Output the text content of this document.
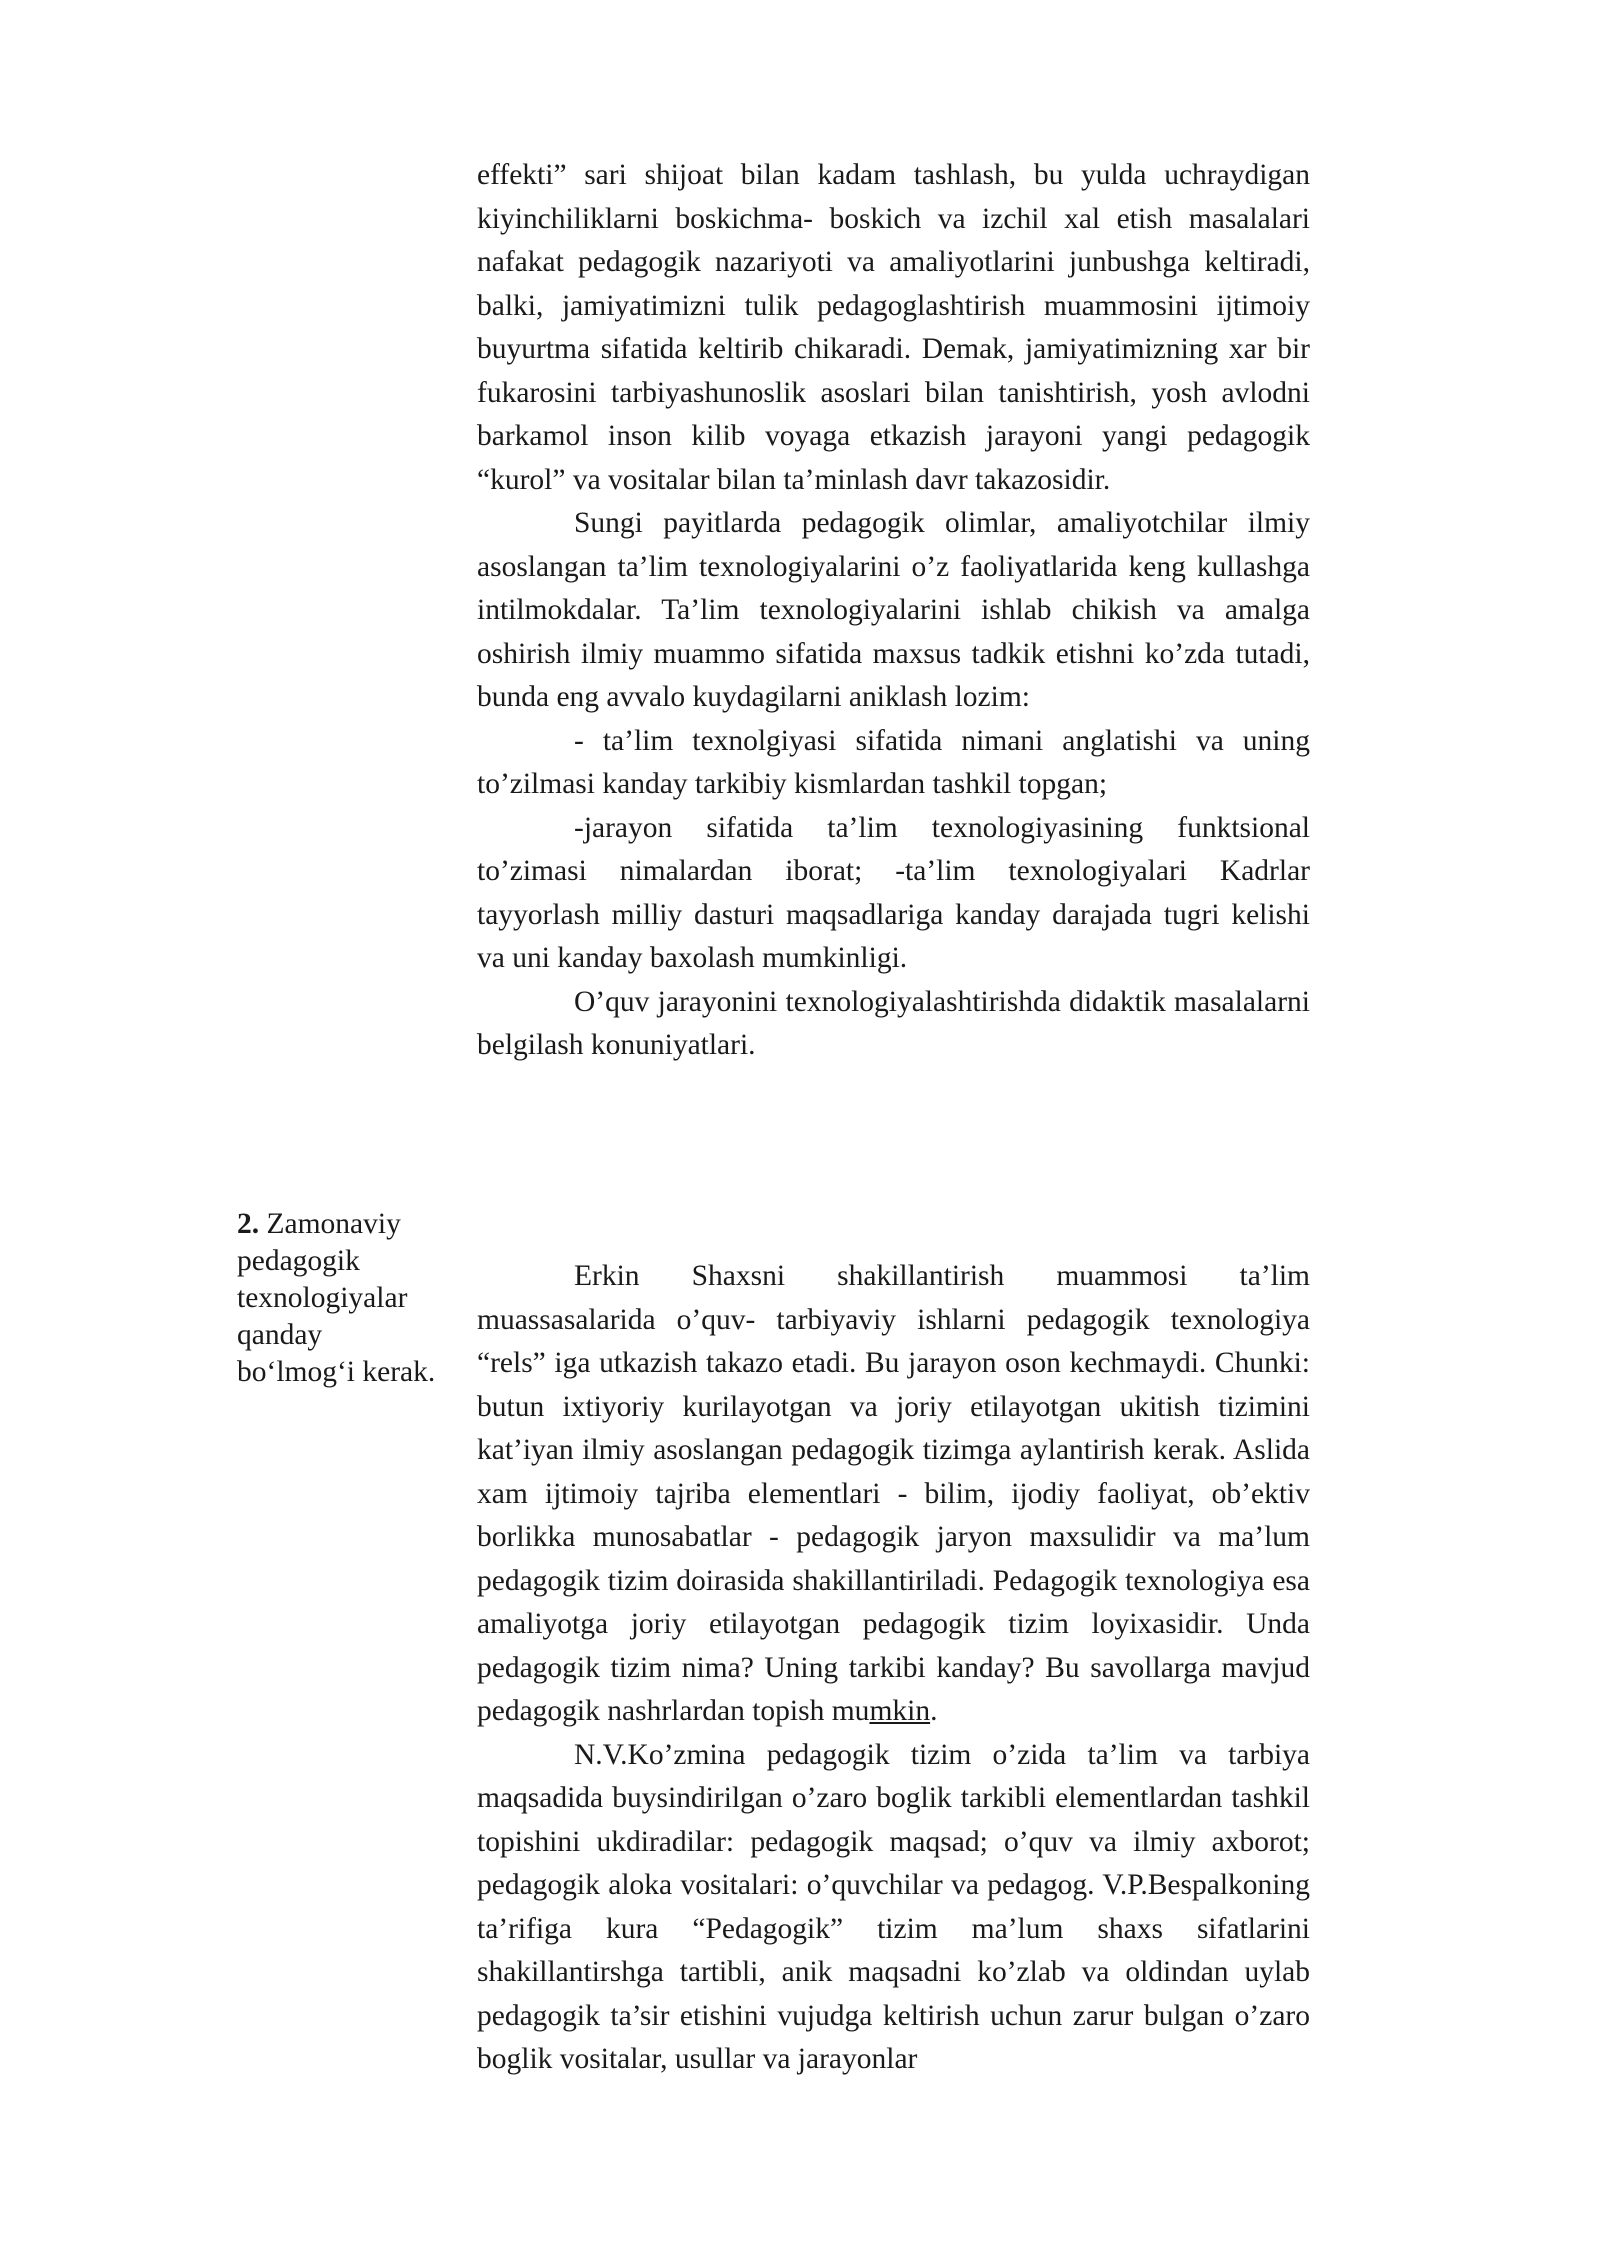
effekti” sari shijoat bilan kadam tashlash, bu yulda uchraydigan kiyinchiliklarni boskichma- boskich va izchil xal etish masalalari nafakat pedagogik nazariyoti va amaliyotlarini junbushga keltiradi, balki, jamiyatimizni tulik pedagoglashtirish muammosini ijtimoiy buyurtma sifatida keltirib chikaradi. Demak, jamiyatimizning xar bir fukarosini tarbiyashunoslik asoslari bilan tanishtirish, yosh avlodni barkamol inson kilib voyaga etkazish jarayoni yangi pedagogik “kurol” va vositalar bilan ta’minlash davr takazosidir.

Sungi payitlarda pedagogik olimlar, amaliyotchilar ilmiy asoslangan ta’lim texnologiyalarini o’z faoliyatlarida keng kullashga intilmokdalar. Ta’lim texnologiyalarini ishlab chikish va amalga oshirish ilmiy muammo sifatida maxsus tadkik etishni ko’zda tutadi, bunda eng avvalo kuydagilarni aniklash lozim:

- ta’lim texnolgiyasi sifatida nimani anglatishi va uning to’zilmasi kanday tarkibiy kismlardan tashkil topgan;

-jarayon sifatida ta’lim texnologiyasining funktsional to’zimasi nimalardan iborat; -ta’lim texnologiyalari Kadrlar tayyorlash milliy dasturi maqsadlariga kanday darajada tugri kelishi va uni kanday baxolash mumkinligi.

O’quv jarayonini texnologiyalashtirishda didaktik masalalarni belgilash konuniyatlari.

2. Zamonaviy pedagogik texnologiyalar qanday bo‘lmog‘i kerak.

Erkin Shaxsni shakillantirish muammosi ta’lim muassasalarida o’quv- tarbiyaviy ishlarni pedagogik texnologiya “rels” iga utkazish takazo etadi. Bu jarayon oson kechmaydi. Chunki: butun ixtiyoriy kurilayotgan va joriy etilayotgan ukitish tizimini kat’iyan ilmiy asoslangan pedagogik tizimga aylantirish kerak. Aslida xam ijtimoiy tajriba elementlari - bilim, ijodiy faoliyat, ob’ektiv borlikka munosabatlar - pedagogik jaryon maxsulidir va ma’lum pedagogik tizim doirasida shakillantiriladi. Pedagogik texnologiya esa amaliyotga joriy etilayotgan pedagogik tizim loyixasidir. Unda pedagogik tizim nima? Uning tarkibi kanday? Bu savollarga mavjud pedagogik nashrlardan topish mumkin.

N.V.Ko’zmina pedagogik tizim o’zida ta’lim va tarbiya maqsadida buysindirilgan o’zaro boglik tarkibli elementlardan tashkil topishini ukdiradilar: pedagogik maqsad; o’quv va ilmiy axborot; pedagogik aloka vositalari: o’quvchilar va pedagog. V.P.Bespalkoning ta’rifiga kura “Pedagogik” tizim ma’lum shaxs sifatlarini shakillantirshga tartibli, anik maqsadni ko’zlab va oldindan uylab pedagogik ta’sir etishini vujudga keltirish uchun zarur bulgan o’zaro boglik vositalar, usullar va jarayonlar
